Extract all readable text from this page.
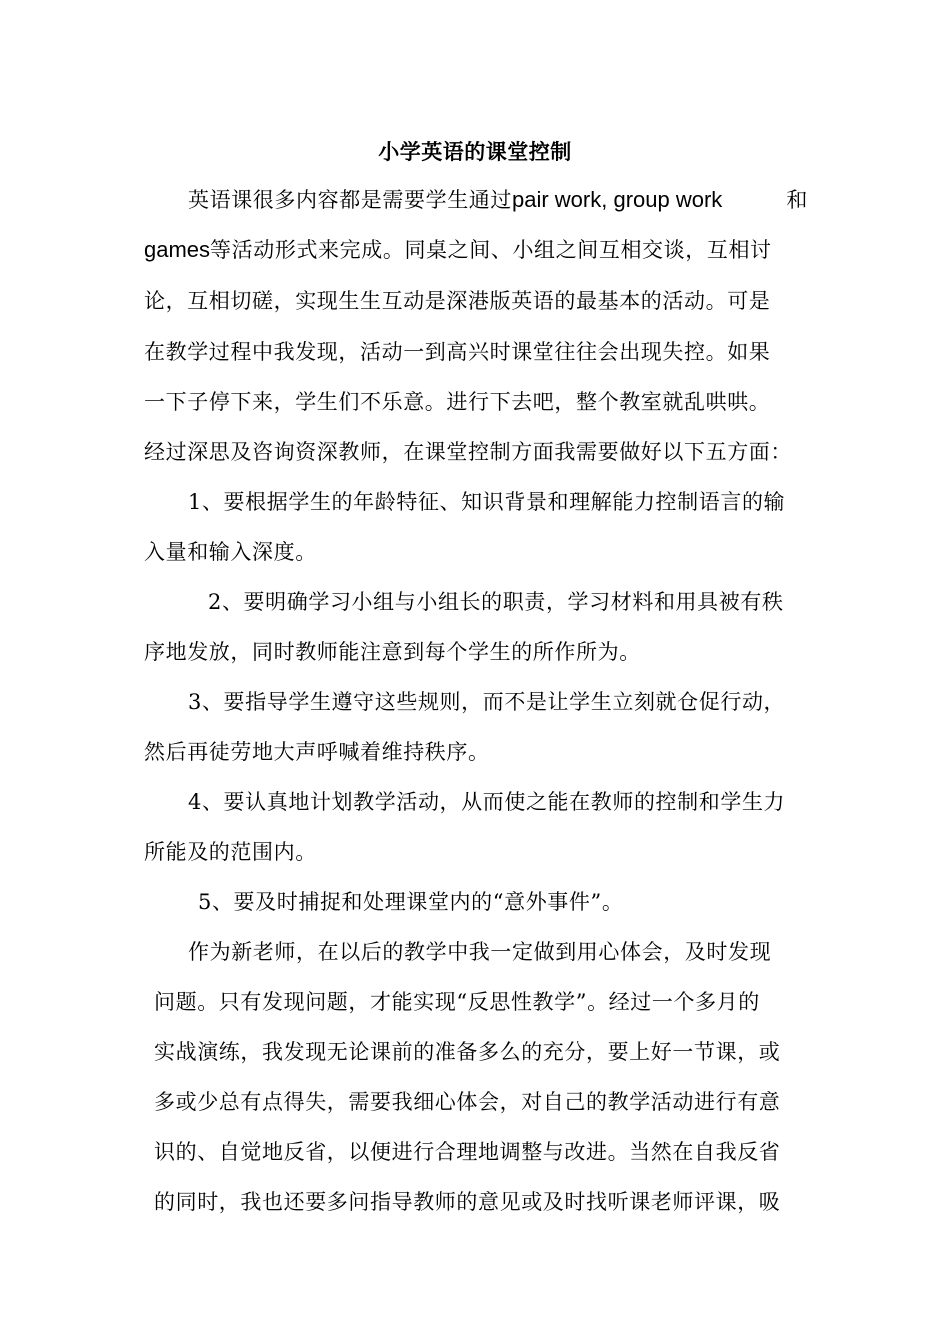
小学英语的课堂控制
英语课很多内容都是需要学生通过pair work, group work	和
games等活动形式来完成。同桌之间、小组之间互相交谈，互相讨
论，互相切磋，实现生生互动是深港版英语的最基本的活动。可是
在教学过程中我发现，活动一到高兴时课堂往往会出现失控。如果
一下子停下来，学生们不乐意。进行下去吧，整个教室就乱哄哄。
经过深思及咨询资深教师，在课堂控制方面我需要做好以下五方面：
1、要根据学生的年龄特征、知识背景和理解能力控制语言的输
入量和输入深度。
2、要明确学习小组与小组长的职责，学习材料和用具被有秩
序地发放，同时教师能注意到每个学生的所作所为。
3、要指导学生遵守这些规则，而不是让学生立刻就仓促行动，
然后再徒劳地大声呼喊着维持秩序。
4、要认真地计划教学活动，从而使之能在教师的控制和学生力
所能及的范围内。
5、要及时捕捉和处理课堂内的“意外事件”。
作为新老师，在以后的教学中我一定做到用心体会，及时发现
问题。只有发现问题，才能实现“反思性教学”。经过一个多月的
实战演练，我发现无论课前的准备多么的充分，要上好一节课，或
多或少总有点得失，需要我细心体会，对自己的教学活动进行有意
识的、自觉地反省，以便进行合理地调整与改进。当然在自我反省
的同时，我也还要多问指导教师的意见或及时找听课老师评课，吸
